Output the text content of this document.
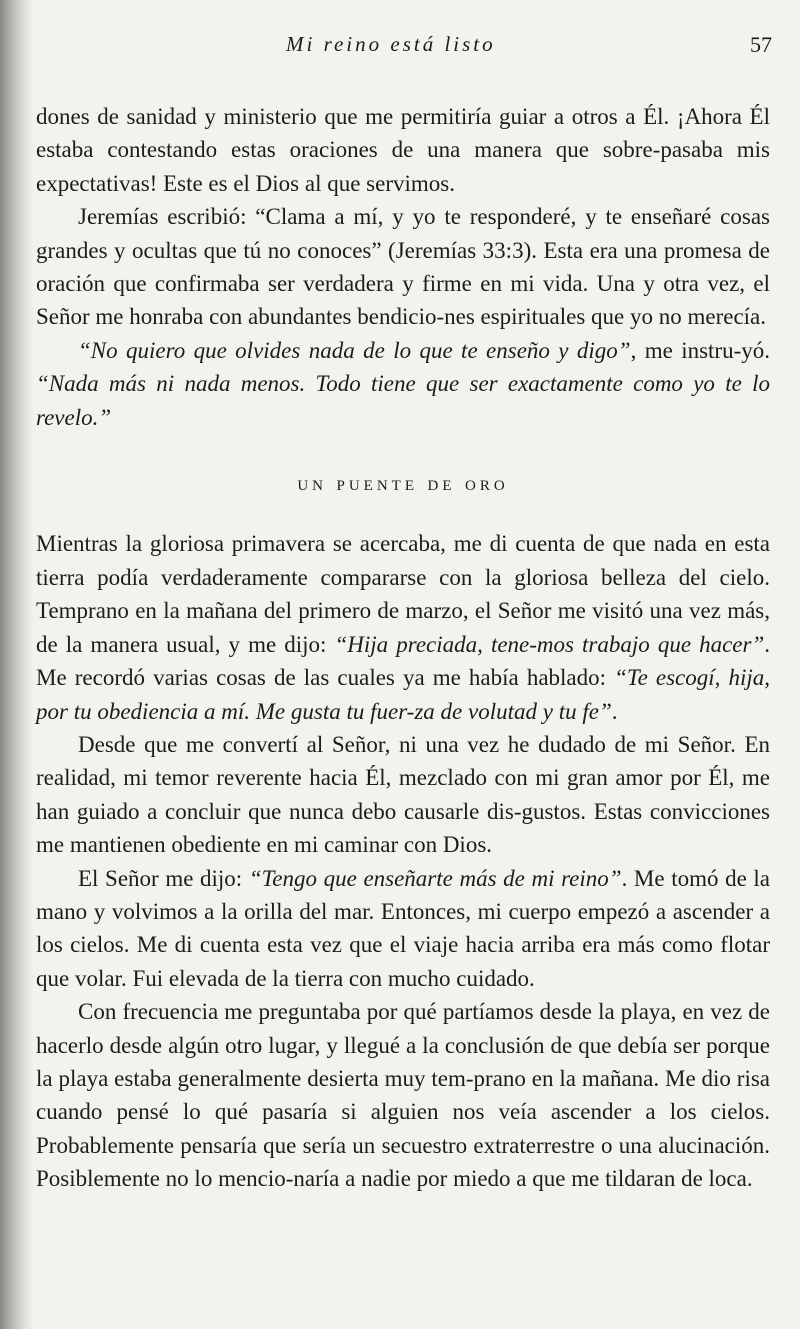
Mi reino está listo	57

dones de sanidad y ministerio que me permitiría guiar a otros a Él. ¡Ahora Él estaba contestando estas oraciones de una manera que sobre-pasaba mis expectativas! Este es el Dios al que servimos.

Jeremías escribió: “Clama a mí, y yo te responderé, y te enseñaré cosas grandes y ocultas que tú no conoces” (Jeremías 33:3). Esta era una promesa de oración que confirmaba ser verdadera y firme en mi vida. Una y otra vez, el Señor me honraba con abundantes bendicio-nes espirituales que yo no merecía.

“No quiero que olvides nada de lo que te enseño y digo”, me instru-yó. “Nada más ni nada menos. Todo tiene que ser exactamente como yo te lo revelo.”

un puente de oro

Mientras la gloriosa primavera se acercaba, me di cuenta de que nada en esta tierra podía verdaderamente compararse con la gloriosa belleza del cielo. Temprano en la mañana del primero de marzo, el Señor me visitó una vez más, de la manera usual, y me dijo: “Hija preciada, tene-mos trabajo que hacer”. Me recordó varias cosas de las cuales ya me había hablado: “Te escogí, hija, por tu obediencia a mí. Me gusta tu fuer-za de volutad y tu fe”.

Desde que me convertí al Señor, ni una vez he dudado de mi Señor. En realidad, mi temor reverente hacia Él, mezclado con mi gran amor por Él, me han guiado a concluir que nunca debo causarle dis-gustos. Estas convicciones me mantienen obediente en mi caminar con Dios.

El Señor me dijo: “Tengo que enseñarte más de mi reino”. Me tomó de la mano y volvimos a la orilla del mar. Entonces, mi cuerpo empezó a ascender a los cielos. Me di cuenta esta vez que el viaje hacia arriba era más como flotar que volar. Fui elevada de la tierra con mucho cuidado.

Con frecuencia me preguntaba por qué partíamos desde la playa, en vez de hacerlo desde algún otro lugar, y llegué a la conclusión de que debía ser porque la playa estaba generalmente desierta muy tem-prano en la mañana. Me dio risa cuando pensé lo qué pasaría si alguien nos veía ascender a los cielos. Probablemente pensaría que sería un secuestro extraterrestre o una alucinación. Posiblemente no lo mencio-naría a nadie por miedo a que me tildaran de loca.
